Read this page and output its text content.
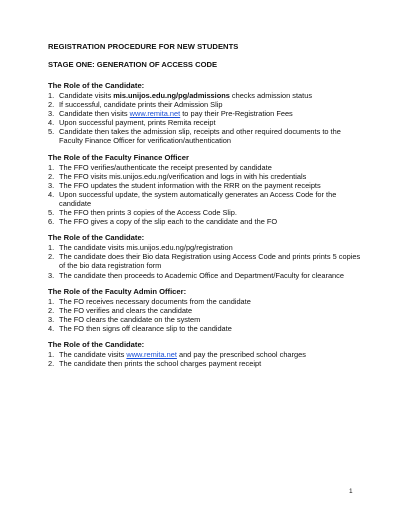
REGISTRATION PROCEDURE FOR NEW STUDENTS

STAGE ONE: GENERATION OF ACCESS CODE

The Role of the Candidate:

1. Candidate visits mis.unijos.edu.ng/pg/admissions checks admission status
2. If successful, candidate prints their Admission Slip
3. Candidate then visits www.remita.net to pay their Pre-Registration Fees
4. Upon successful payment, prints Remita receipt
5. Candidate then takes the admission slip, receipts and other required documents to the Faculty Finance Officer for verification/authentication

The Role of the Faculty Finance Officer

1. The FFO verifies/authenticate the receipt presented by candidate
2. The FFO visits mis.unijos.edu.ng/verification and logs in with his credentials
3. The FFO updates the student information with the RRR on the payment receipts
4. Upon successful update, the system automatically generates an Access Code for the candidate
5. The FFO then prints 3 copies of the Access Code Slip.
6. The FFO gives a copy of the slip each to the candidate and the FO

The Role of the Candidate:

1. The candidate visits mis.unijos.edu.ng/pg/registration
2. The candidate does their Bio data Registration using Access Code and prints prints 5 copies of the bio data registration form
3. The candidate then proceeds to Academic Office and Department/Faculty for clearance

The Role of the Faculty Admin Officer:

1. The FO receives necessary documents from the candidate
2. The FO verifies and clears the candidate
3. The FO clears the candidate on the system
4. The FO then signs off clearance slip to the candidate

The Role of the Candidate:

1. The candidate visits www.remita.net and pay the prescribed school charges
2. The candidate then prints the school charges payment receipt
1
